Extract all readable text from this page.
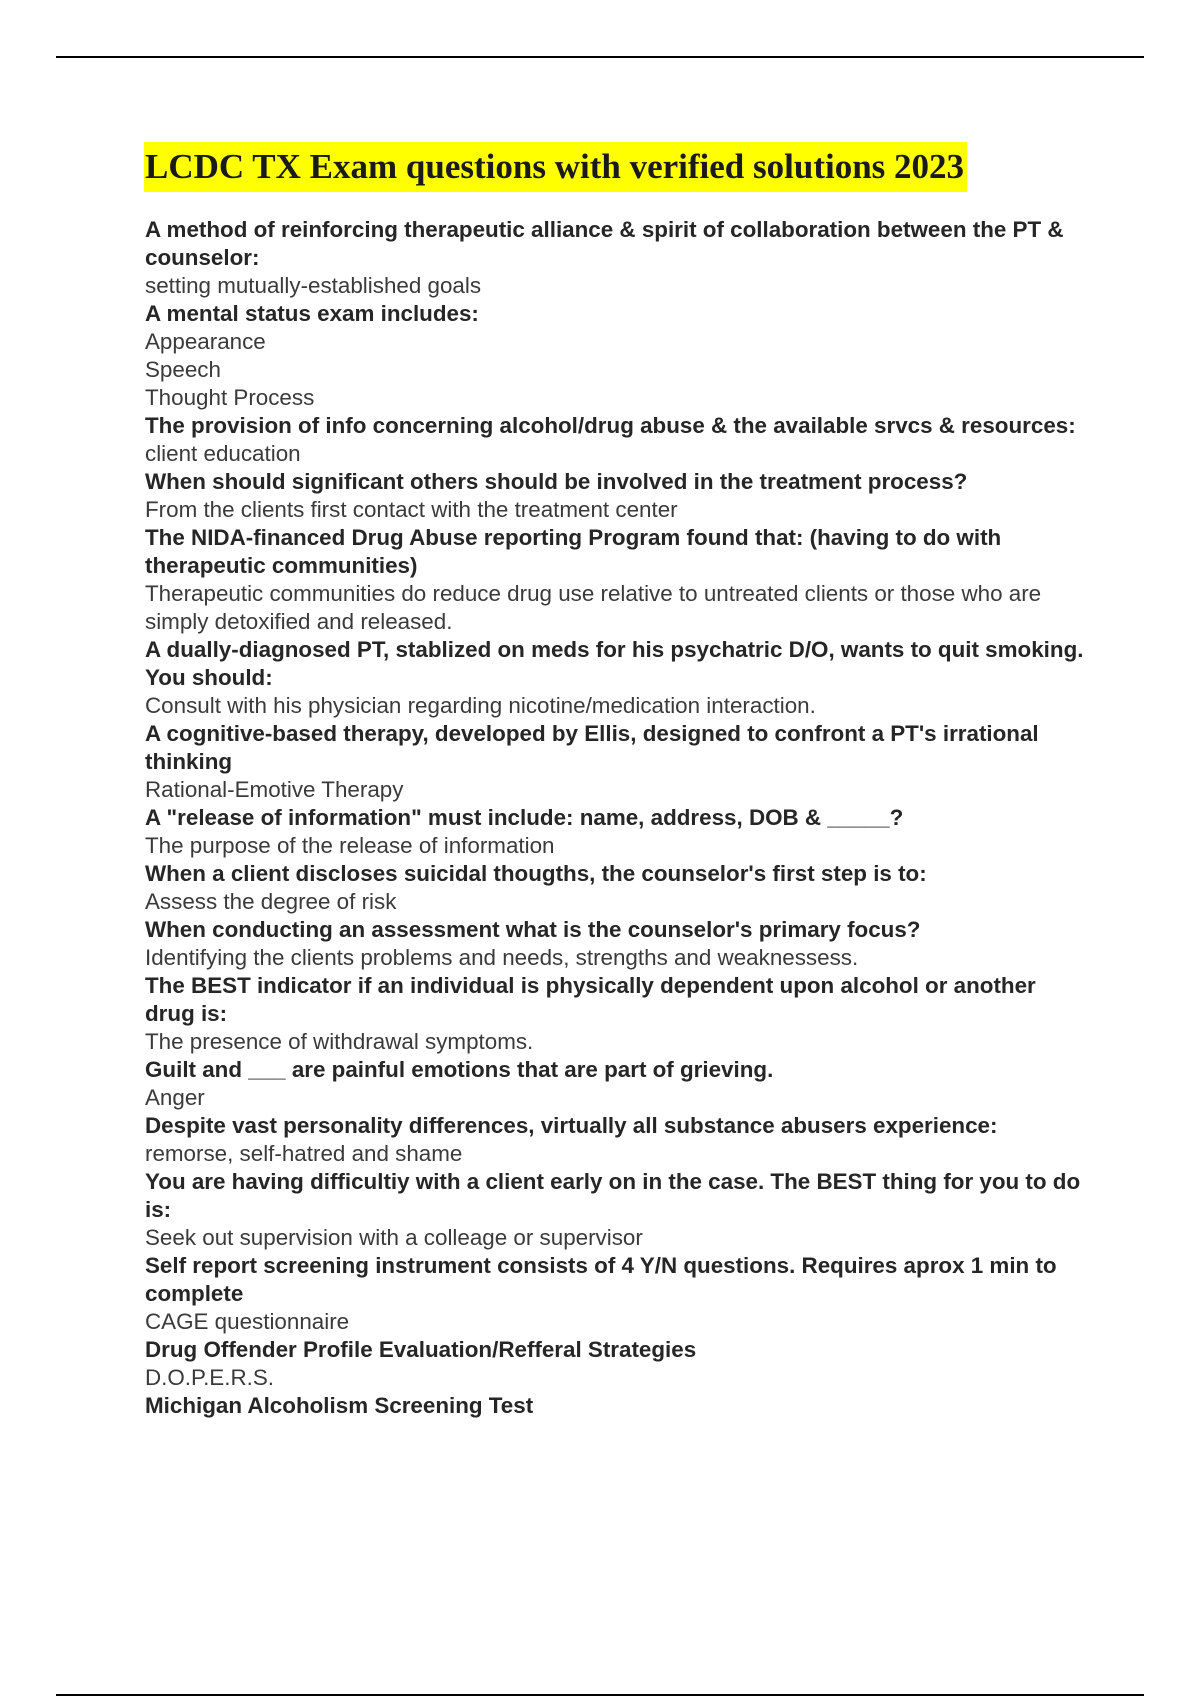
LCDC TX Exam questions with verified solutions 2023

A method of reinforcing therapeutic alliance & spirit of collaboration between the PT & counselor:

setting mutually-established goals

A mental status exam includes:

Appearance

Speech

Thought Process

The provision of info concerning alcohol/drug abuse & the available srvcs & resources:

client education

When should significant others should be involved in the treatment process?

From the clients first contact with the treatment center

The NIDA-financed Drug Abuse reporting Program found that: (having to do with therapeutic communities)

Therapeutic communities do reduce drug use relative to untreated clients or those who are simply detoxified and released.

A dually-diagnosed PT, stablized on meds for his psychatric D/O, wants to quit smoking. You should:

Consult with his physician regarding nicotine/medication interaction.

A cognitive-based therapy, developed by Ellis, designed to confront a PT's irrational thinking

Rational-Emotive Therapy

A "release of information" must include: name, address, DOB & _____?

The purpose of the release of information

When a client discloses suicidal thougths, the counselor's first step is to:

Assess the degree of risk

When conducting an assessment what is the counselor's primary focus?

Identifying the clients problems and needs, strengths and weaknessess.

The BEST indicator if an individual is physically dependent upon alcohol or another drug is:

The presence of withdrawal symptoms.

Guilt and ___ are painful emotions that are part of grieving.

Anger

Despite vast personality differences, virtually all substance abusers experience:

remorse, self-hatred and shame

You are having difficultiy with a client early on in the case. The BEST thing for you to do is:

Seek out supervision with a colleage or supervisor

Self report screening instrument consists of 4 Y/N questions. Requires aprox 1 min to complete

CAGE questionnaire

Drug Offender Profile Evaluation/Refferal Strategies

D.O.P.E.R.S.

Michigan Alcoholism Screening Test
